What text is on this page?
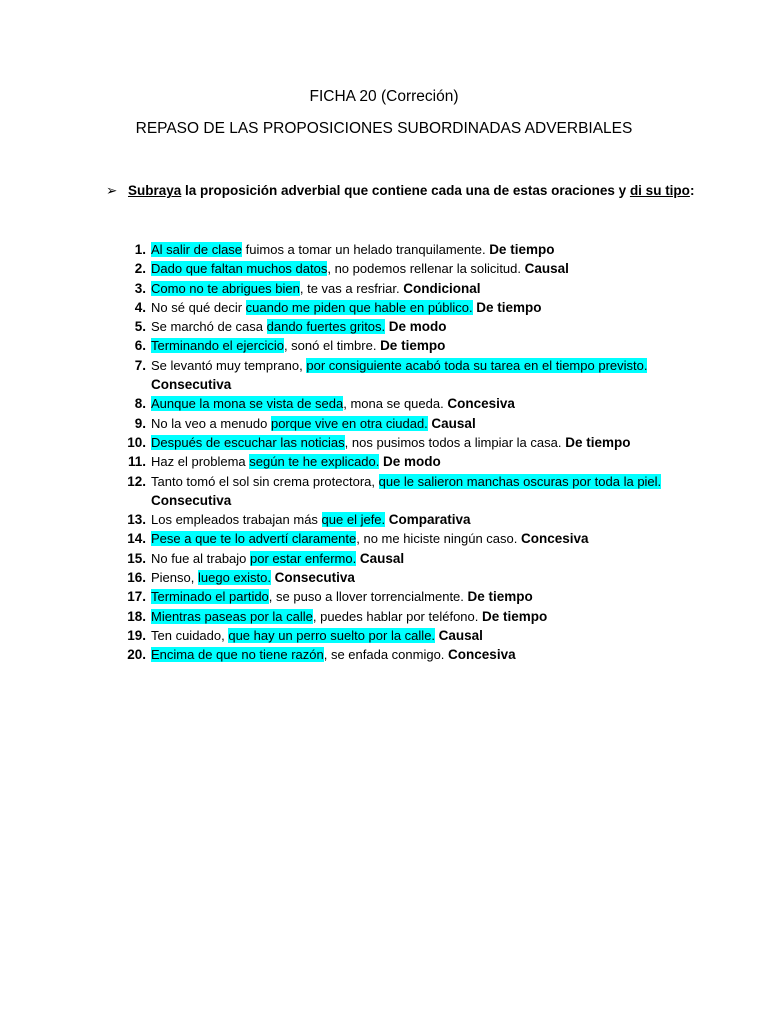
FICHA 20 (Correción)
REPASO DE LAS PROPOSICIONES SUBORDINADAS ADVERBIALES
➢ Subraya la proposición adverbial que contiene cada una de estas oraciones y di su tipo:
1. Al salir de clase fuimos a tomar un helado tranquilamente. De tiempo
2. Dado que faltan muchos datos, no podemos rellenar la solicitud. Causal
3. Como no te abrigues bien, te vas a resfriar. Condicional
4. No sé qué decir cuando me piden que hable en público. De tiempo
5. Se marchó de casa dando fuertes gritos. De modo
6. Terminando el ejercicio, sonó el timbre. De tiempo
7. Se levantó muy temprano, por consiguiente acabó toda su tarea en el tiempo previsto.
Consecutiva
8. Aunque la mona se vista de seda, mona se queda. Concesiva
9. No la veo a menudo porque vive en otra ciudad. Causal
10. Después de escuchar las noticias, nos pusimos todos a limpiar la casa. De tiempo
11. Haz el problema según te he explicado. De modo
12. Tanto tomó el sol sin crema protectora, que le salieron manchas oscuras por toda la piel.
Consecutiva
13. Los empleados trabajan más que el jefe. Comparativa
14. Pese a que te lo advertí claramente, no me hiciste ningún caso. Concesiva
15. No fue al trabajo por estar enfermo. Causal
16. Pienso, luego existo. Consecutiva
17. Terminado el partido, se puso a llover torrencialmente. De tiempo
18. Mientras paseas por la calle, puedes hablar por teléfono. De tiempo
19. Ten cuidado, que hay un perro suelto por la calle. Causal
20. Encima de que no tiene razón, se enfada conmigo. Concesiva
